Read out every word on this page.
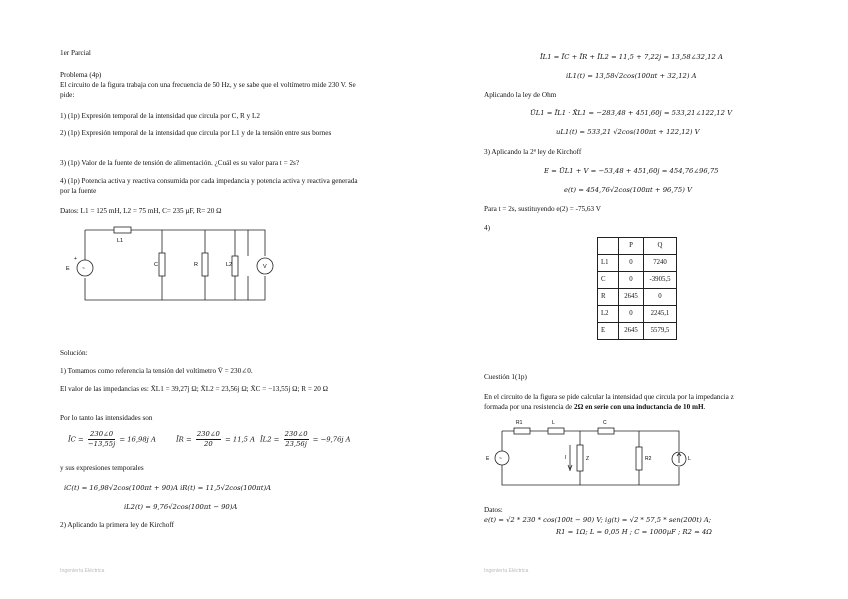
1er Parcial
Problema (4p)
El circuito de la figura trabaja con una frecuencia de 50 Hz, y se sabe que el voltímetro mide 230 V. Se pide:
1) (1p) Expresión temporal de la intensidad que circula por C, R y L2
2) (1p) Expresión temporal de la intensidad que circula por L1 y de la tensión entre sus bornes
3) (1p) Valor de la fuente de tensión de alimentación. ¿Cuál es su valor para t = 2s?
4) (1p) Potencia activa y reactiva consumida por cada impedancia y potencia activa y reactiva generada por la fuente
Datos: L1 = 125 mH, L2 = 75 mH, C= 235 µF, R= 20 Ω
L1
C	R	L2
E
+
~	V
Solución:
1) Tomamos como referencia la tensión del voltímetro V̄ = 230∠0.
El valor de las impedancias es: X̄L1 = 39,27j Ω; X̄L2 = 23,56j Ω; X̄C = −13,55j Ω; R = 20 Ω
Por lo tanto las intensidades son
ĪC = $\frac{230\angle 0}{-13,55j} = 16,98j$ A	ĪR = $\frac{230\angle 0}{20} = 11,5$ A ĪL2 = $\frac{230\angle 0}{23,56j} = -9,76j$ A
y sus expresiones temporales
iC(t) = 16,98√2cos(100πt + 90)A iR(t) = 11,5√2cos(100πt)A
iL2(t) = 9,76√2cos(100πt − 90)A
2) Aplicando la primera ley de Kirchoff
Ingeniería Eléctrica
ĪL1 = ĪC + ĪR + ĪL2 = 11,5 + 7,22j = 13,58∠32,12 A
iL1(t) = 13,58√2cos(100πt + 32,12) A
Aplicando la ley de Ohm
ŪL1 = ĪL1 · X̄L1 = −283,48 + 451,60j = 533,21∠122,12 V
uL1(t) = 533,21 √2cos(100πt + 122,12) V
3) Aplicando la 2ª ley de Kirchoff
E = ŪL1 + V = −53,48 + 451,60j = 454,76∠96,75
e(t) = 454,76√2cos(100πt + 96,75) V
Para t = 2s, sustituyendo e(2) = -75,63 V
4)
	P	Q
L1	0	7240
C	0	-3905,5
R	2645	0
L2	0	2245,1
E	2645	5579,5
Cuestión 1(1p)
En el circuito de la figura se pide calcular la intensidad que circula por la impedancia z
formada por una resistencia de 2Ω en serie con una inductancia de 10 mH.
R1	L	C
E ~	I	Z	R2	L
Datos:
e(t) = √2 * 230 * cos(100t − 90) V; ig(t) = √2 * 57,5 * sen(200t) A;
R1 = 1Ω; L = 0,05 H ; C = 1000µF ; R2 = 4Ω
Ingeniería Eléctrica
